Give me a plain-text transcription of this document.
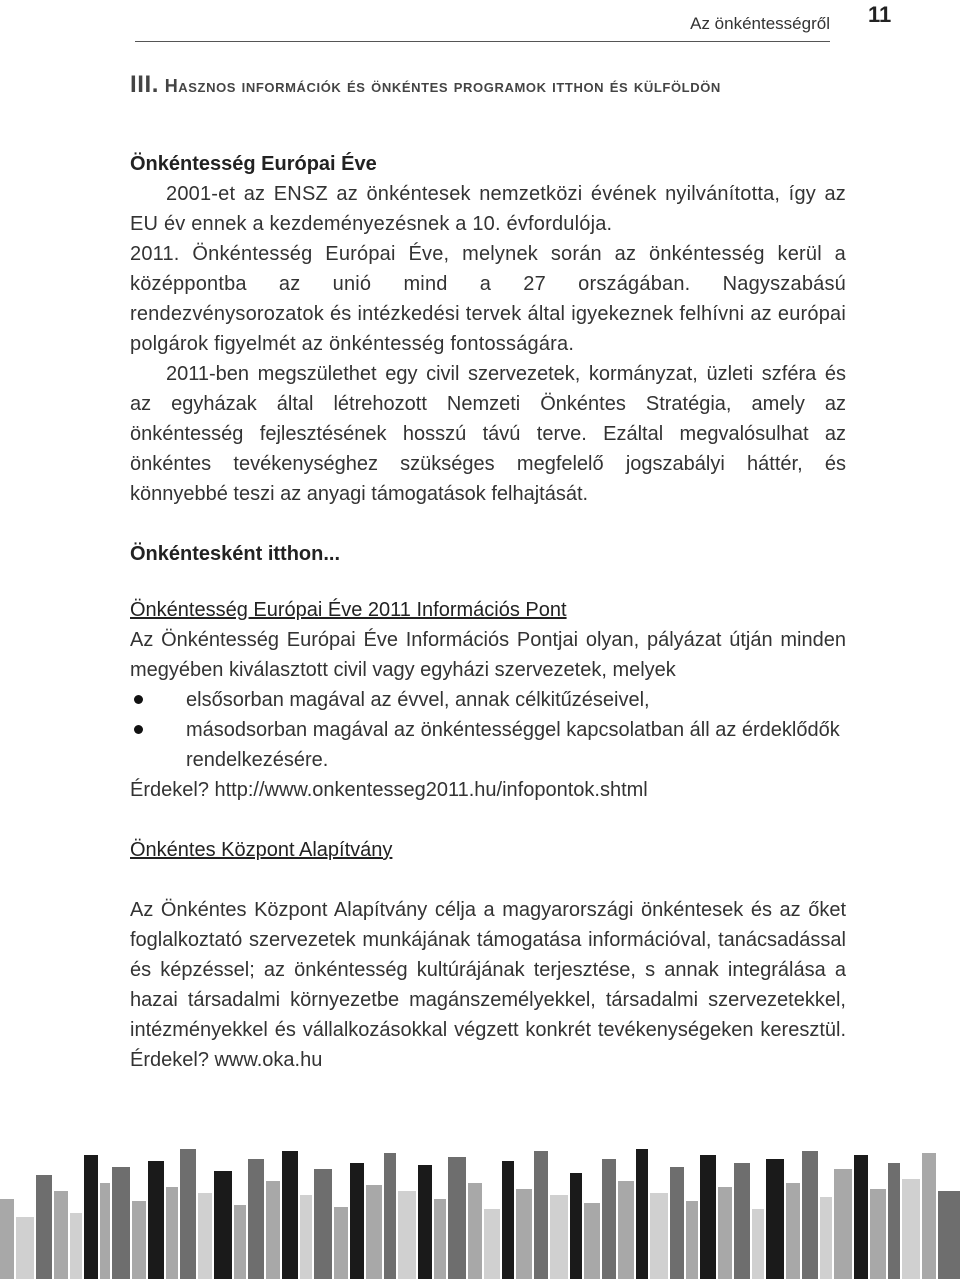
Az önkéntességről 11
III. Hasznos információk és önkéntes programok itthon és külföldön
Önkéntesség Európai Éve

2001-et az ENSZ az önkéntesek nemzetközi évének nyilvánította, így az EU év ennek a kezdeményezésnek a 10. évfordulója.

2011. Önkéntesség Európai Éve, melynek során az önkéntesség kerül a középpontba az unió mind a 27 országában. Nagyszabású rendezvénysorozatok és intézkedési tervek által igyekeznek felhívni az európai polgárok figyelmét az önkéntesség fontosságára.

2011-ben megszülethet egy civil szervezetek, kormányzat, üzleti szféra és az egyházak által létrehozott Nemzeti Önkéntes Stratégia, amely az önkéntesség fejlesztésének hosszú távú terve. Ezáltal megvalósulhat az önkéntes tevékenységhez szükséges megfelelő jogszabályi háttér, és könnyebbé teszi az anyagi támogatások felhajtását.

Önkéntesként itthon...

Önkéntesség Európai Éve 2011 Információs Pont

Az Önkéntesség Európai Éve Információs Pontjai olyan, pályázat útján minden megyében kiválasztott civil vagy egyházi szervezetek, melyek

elsősorban magával az évvel, annak célkitűzéseivel,
másodsorban magával az önkéntességgel kapcsolatban áll az érdeklődők rendelkezésére.

Érdekel? http://www.onkentesseg2011.hu/infopontok.shtml

Önkéntes Központ Alapítvány

Az Önkéntes Központ Alapítvány célja a magyarországi önkéntesek és az őket foglalkoztató szervezetek munkájának támogatása információval, tanácsadással és képzéssel; az önkéntesség kultúrájának terjesztése, s annak integrálása a hazai társadalmi környezetbe magánszemélyekkel, társadalmi szervezetekkel, intézményekkel és vállalkozásokkal végzett konkrét tevékenységeken keresztül. Érdekel? www.oka.hu
